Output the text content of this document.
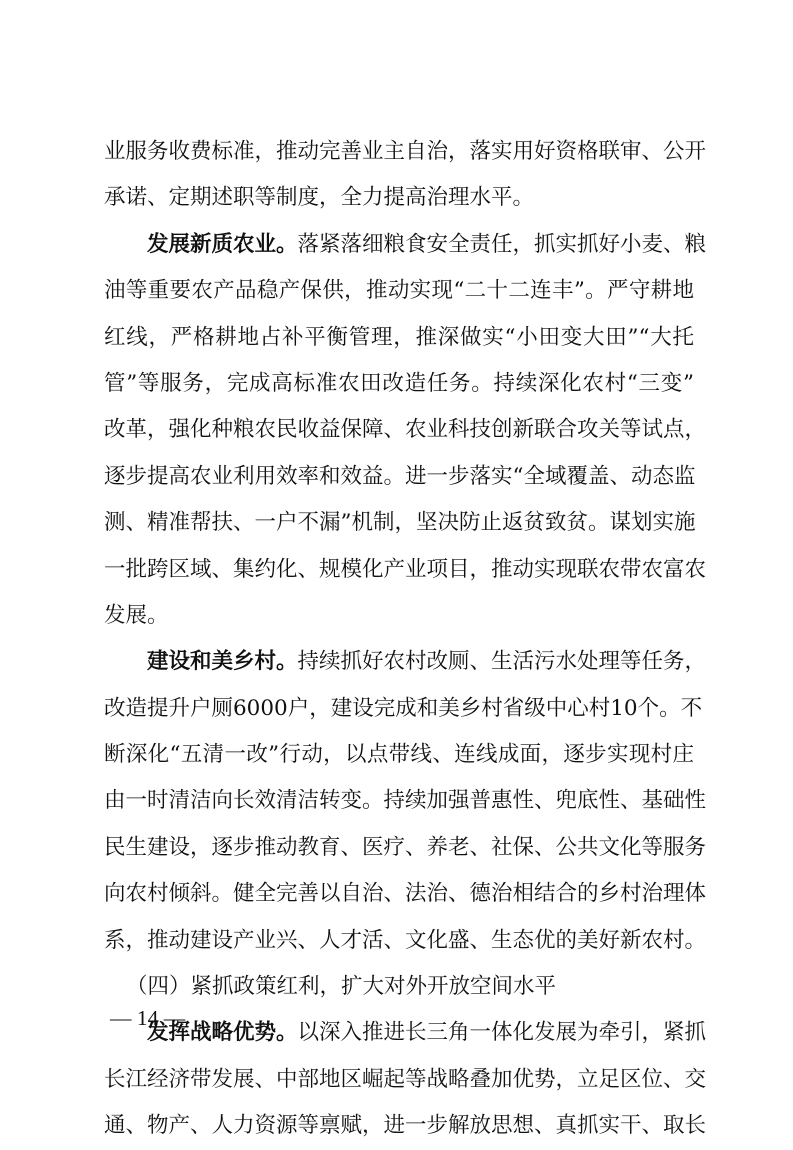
业服务收费标准，推动完善业主自治，落实用好资格联审、公开
承诺、定期述职等制度，全力提高治理水平。
发展新质农业。落紧落细粮食安全责任，抓实抓好小麦、粮
油等重要农产品稳产保供，推动实现“二十二连丰”。严守耕地
红线，严格耕地占补平衡管理，推深做实“小田变大田”“大托
管”等服务，完成高标准农田改造任务。持续深化农村“三变”
改革，强化种粮农民收益保障、农业科技创新联合攻关等试点，
逐步提高农业利用效率和效益。进一步落实“全域覆盖、动态监
测、精准帮扶、一户不漏”机制，坚决防止返贫致贫。谋划实施
一批跨区域、集约化、规模化产业项目，推动实现联农带农富农
发展。
建设和美乡村。持续抓好农村改厕、生活污水处理等任务，
改造提升户厕6000户，建设完成和美乡村省级中心村10个。不
断深化“五清一改”行动，以点带线、连线成面，逐步实现村庄
由一时清洁向长效清洁转变。持续加强普惠性、兜底性、基础性
民生建设，逐步推动教育、医疗、养老、社保、公共文化等服务
向农村倾斜。健全完善以自治、法治、德治相结合的乡村治理体
系，推动建设产业兴、人才活、文化盛、生态优的美好新农村。
（四）紧抓政策红利，扩大对外开放空间水平
发挥战略优势。以深入推进长三角一体化发展为牵引，紧抓
长江经济带发展、中部地区崛起等战略叠加优势，立足区位、交
通、物产、人力资源等禀赋，进一步解放思想、真抓实干、取长
— 14 —
